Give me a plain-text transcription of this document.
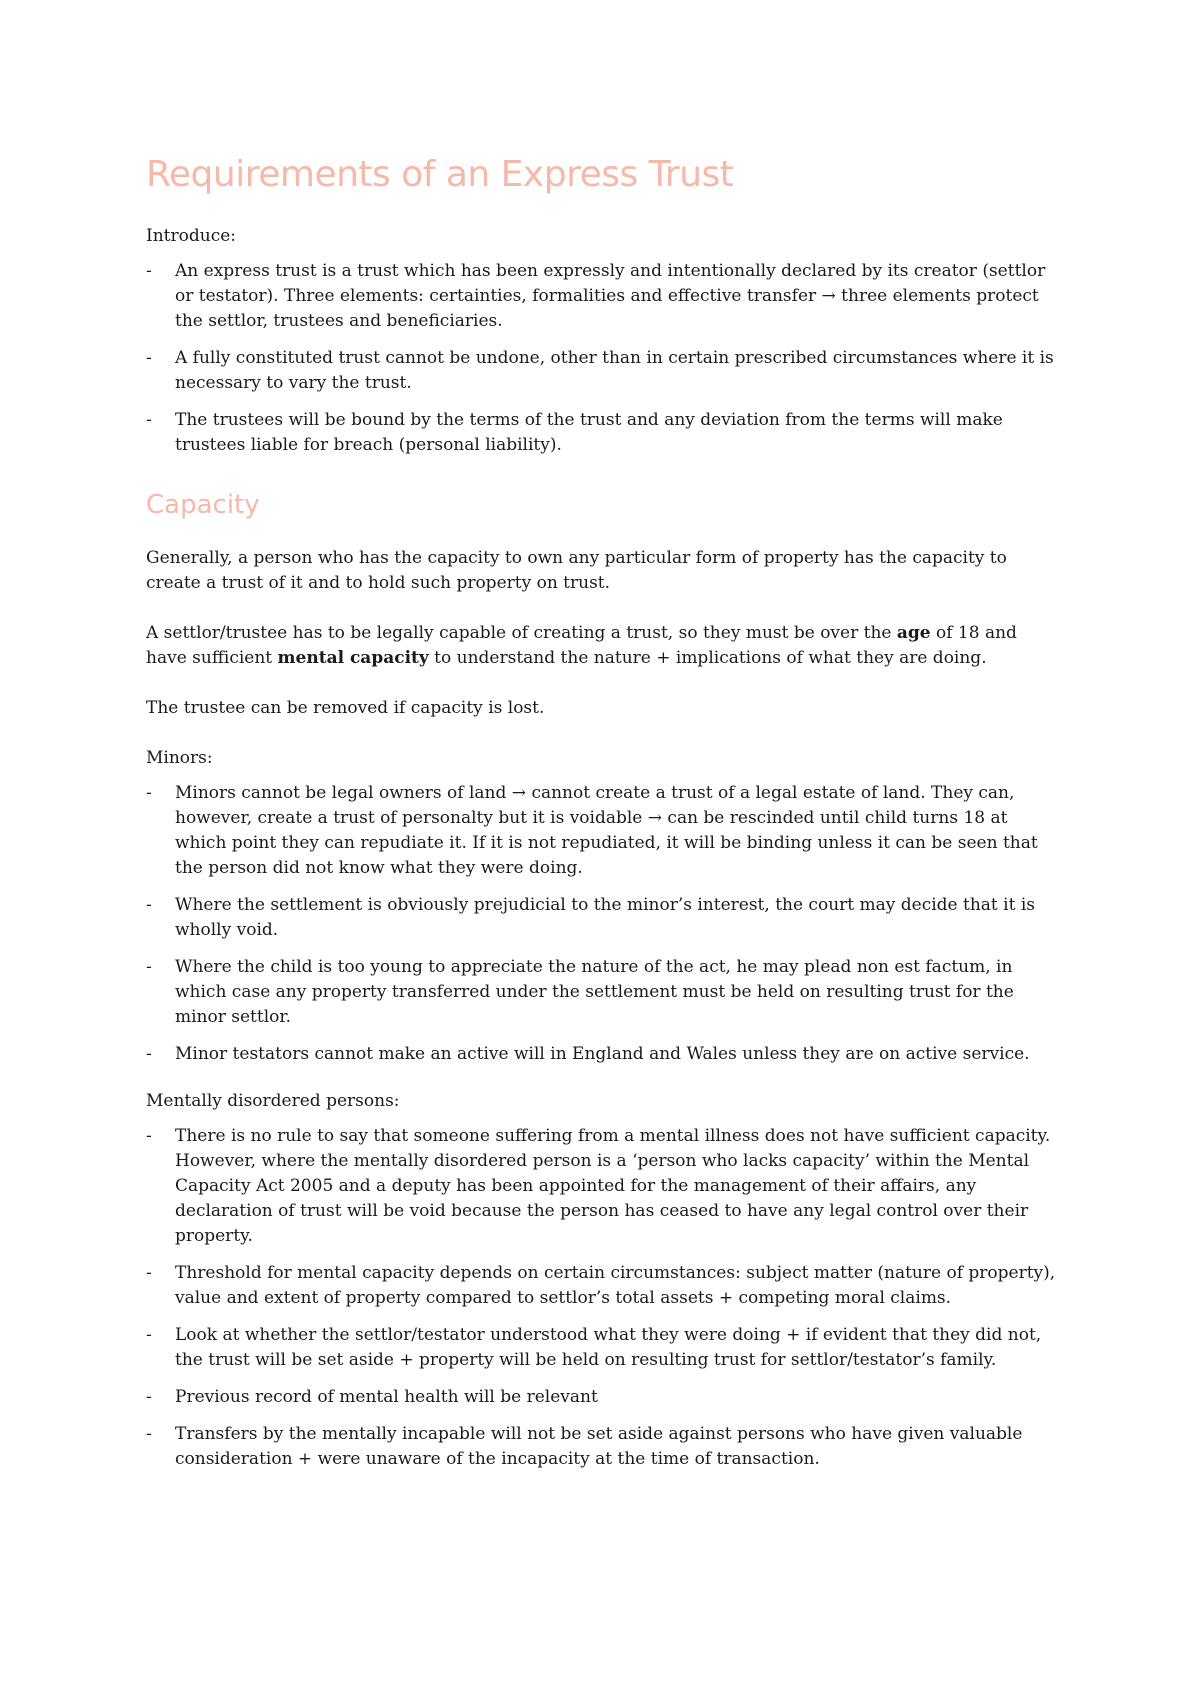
Requirements of an Express Trust

Introduce:

- An express trust is a trust which has been expressly and intentionally declared by its creator (settlor or testator). Three elements: certainties, formalities and effective transfer → three elements protect the settlor, trustees and beneficiaries.
- A fully constituted trust cannot be undone, other than in certain prescribed circumstances where it is necessary to vary the trust.
- The trustees will be bound by the terms of the trust and any deviation from the terms will make trustees liable for breach (personal liability).
Capacity

Generally, a person who has the capacity to own any particular form of property has the capacity to create a trust of it and to hold such property on trust.

A settlor/trustee has to be legally capable of creating a trust, so they must be over the age of 18 and have sufficient mental capacity to understand the nature + implications of what they are doing.

The trustee can be removed if capacity is lost.

Minors:

- Minors cannot be legal owners of land → cannot create a trust of a legal estate of land. They can, however, create a trust of personalty but it is voidable → can be rescinded until child turns 18 at which point they can repudiate it. If it is not repudiated, it will be binding unless it can be seen that the person did not know what they were doing.
- Where the settlement is obviously prejudicial to the minor’s interest, the court may decide that it is wholly void.
- Where the child is too young to appreciate the nature of the act, he may plead non est factum, in which case any property transferred under the settlement must be held on resulting trust for the minor settlor.
- Minor testators cannot make an active will in England and Wales unless they are on active service.

Mentally disordered persons:

- There is no rule to say that someone suffering from a mental illness does not have sufficient capacity. However, where the mentally disordered person is a ‘person who lacks capacity’ within the Mental Capacity Act 2005 and a deputy has been appointed for the management of their affairs, any declaration of trust will be void because the person has ceased to have any legal control over their property.
- Threshold for mental capacity depends on certain circumstances: subject matter (nature of property), value and extent of property compared to settlor’s total assets + competing moral claims.
- Look at whether the settlor/testator understood what they were doing + if evident that they did not, the trust will be set aside + property will be held on resulting trust for settlor/testator’s family.
- Previous record of mental health will be relevant
- Transfers by the mentally incapable will not be set aside against persons who have given valuable consideration + were unaware of the incapacity at the time of transaction.
